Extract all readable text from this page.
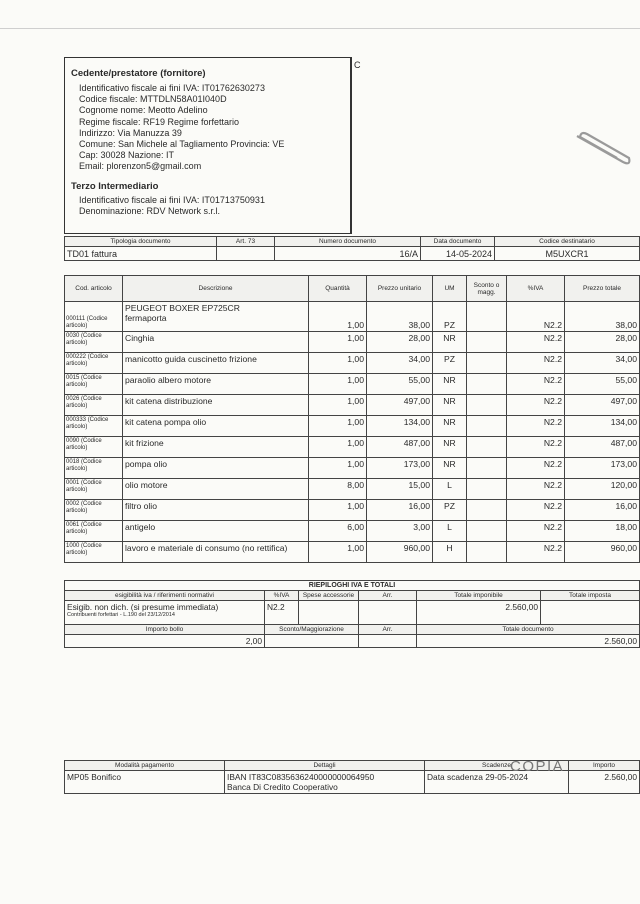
Cedente/prestatore (fornitore)
Identificativo fiscale ai fini IVA: IT01762630273
Codice fiscale: MTTDLN58A01I040D
Cognome nome: Meotto Adelino
Regime fiscale: RF19 Regime forfettario
Indirizzo: Via Manuzza 39
Comune: San Michele al Tagliamento Provincia: VE
Cap: 30028 Nazione: IT
Email: plorenzon5@gmail.com
Terzo Intermediario
Identificativo fiscale ai fini IVA: IT01713750931
Denominazione: RDV Network s.r.l.
C
Tipologia documento	Art. 73	Numero documento	Data documento	Codice destinatario
TD01 fattura		16/A	14-05-2024	M5UXCR1
Cod. articolo	Descrizione	Quantità	Prezzo unitario	UM	Sconto o magg.	%IVA	Prezzo totale
000111 (Codice articolo)	PEUGEOT BOXER EP725CR
fermaporta	1,00	38,00	PZ		N2.2	38,00
0030 (Codice articolo)	Cinghia	1,00	28,00	NR		N2.2	28,00
000222 (Codice articolo)	manicotto guida cuscinetto frizione	1,00	34,00	PZ		N2.2	34,00
0015 (Codice articolo)	paraolio albero motore	1,00	55,00	NR		N2.2	55,00
0026 (Codice articolo)	kit catena distribuzione	1,00	497,00	NR		N2.2	497,00
000333 (Codice articolo)	kit catena pompa olio	1,00	134,00	NR		N2.2	134,00
0090 (Codice articolo)	kit frizione	1,00	487,00	NR		N2.2	487,00
0018 (Codice articolo)	pompa olio	1,00	173,00	NR		N2.2	173,00
0001 (Codice articolo)	olio motore	8,00	15,00	L		N2.2	120,00
0002 (Codice articolo)	filtro olio	1,00	16,00	PZ		N2.2	16,00
0061 (Codice articolo)	antigelo	6,00	3,00	L		N2.2	18,00
1000 (Codice articolo)	lavoro e materiale di consumo (no rettifica)	1,00	960,00	H		N2.2	960,00
RIEPILOGHI IVA E TOTALI					
esigibilità iva / riferimenti normativi	%IVA	Spese accessorie	Arr.	Totale imponibile	Totale imposta

Esigib. non dich. (si presume immediata)
Contribuenti forfettari - L.190 del 23/12/2014	N2.2			2.560,00	
Importo bollo	Sconto/Maggiorazione		Arr.	Totale documento	
2,00				2.560,00	
Modalità pagamento	Dettagli	Scadenze	Importo
MP05 Bonifico	IBAN IT83C0835636240000000064950
Banca Di Credito Cooperativo	Data scadenza 29-05-2024	2.560,00
COPIA
